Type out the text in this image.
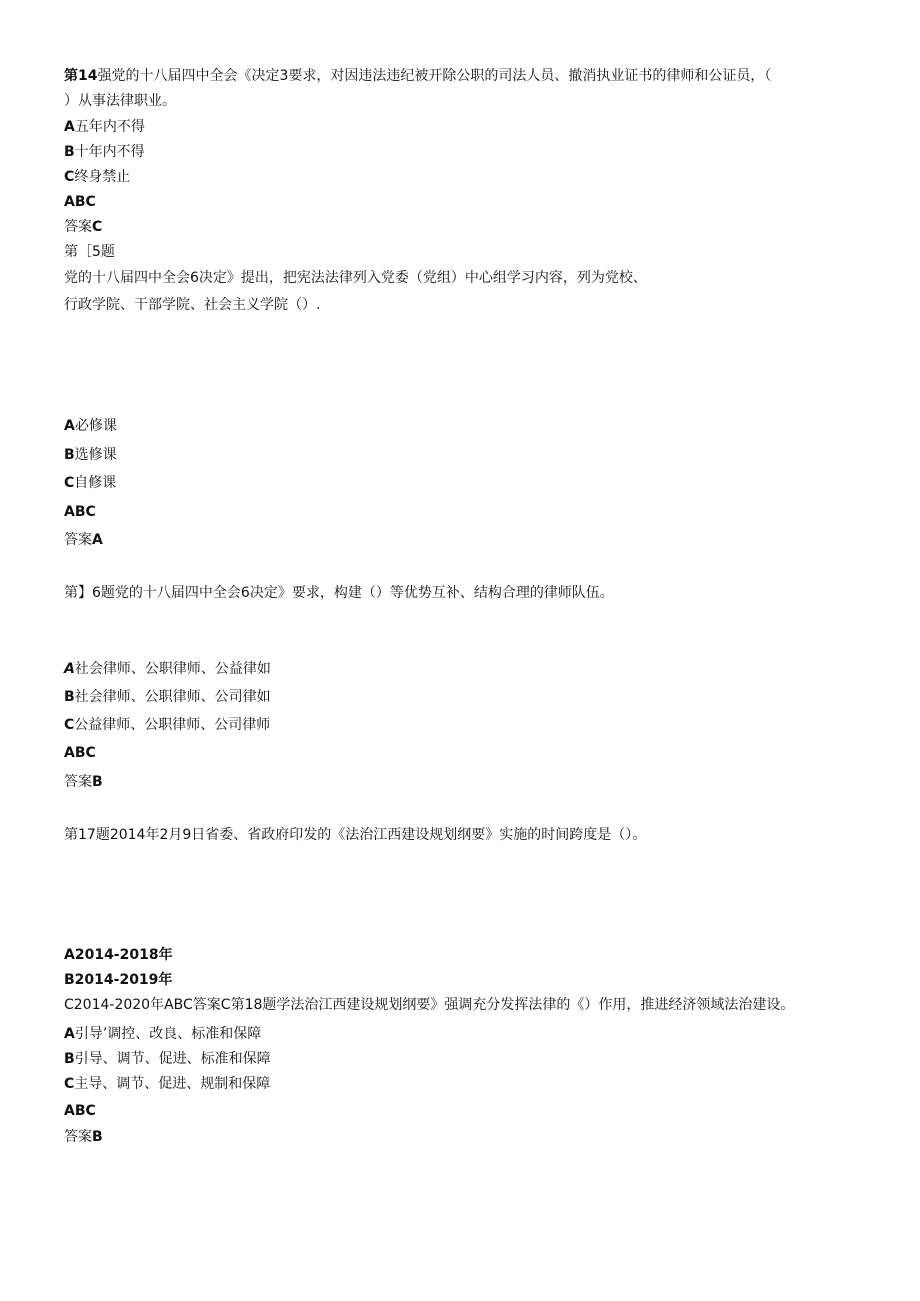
第14强党的十八届四中全会《决定3要求，对因违法违纪被开除公职的司法人员、撤消执业证书的律师和公证员，（
）从事法律职业。
A五年内不得
B十年内不得
C终身禁止
ABC
答案C
第［5题
党的十八届四中全会6决定》提出，把宪法法律列入党委（党组）中心组学习内容，列为党校、
行政学院、干部学院、社会主义学院（）.
A必修课
B选修课
C自修课
ABC
答案A
第】6题党的十八届四中全会6决定》要求，构建（）等优势互补、结构合理的律师队伍。
A社会律师、公职律师、公益律如
B社会律师、公职律师、公司律如
C公益律师、公职律师、公司律师
ABC
答案B
第17题2014年2月9日省委、省政府印发的《法治江西建设规划纲要》实施的时间跨度是（）。
A2014-2018年
B2014-2019年
C2014-2020年ABC答案C第18题学法治江西建设规划纲要》强调充分发挥法律的《）作用，推进经济领域法治建设。
A引导’调控、改良、标准和保障
B引导、调节、促进、标准和保障
C主导、调节、促进、规制和保障
ABC
答案B
